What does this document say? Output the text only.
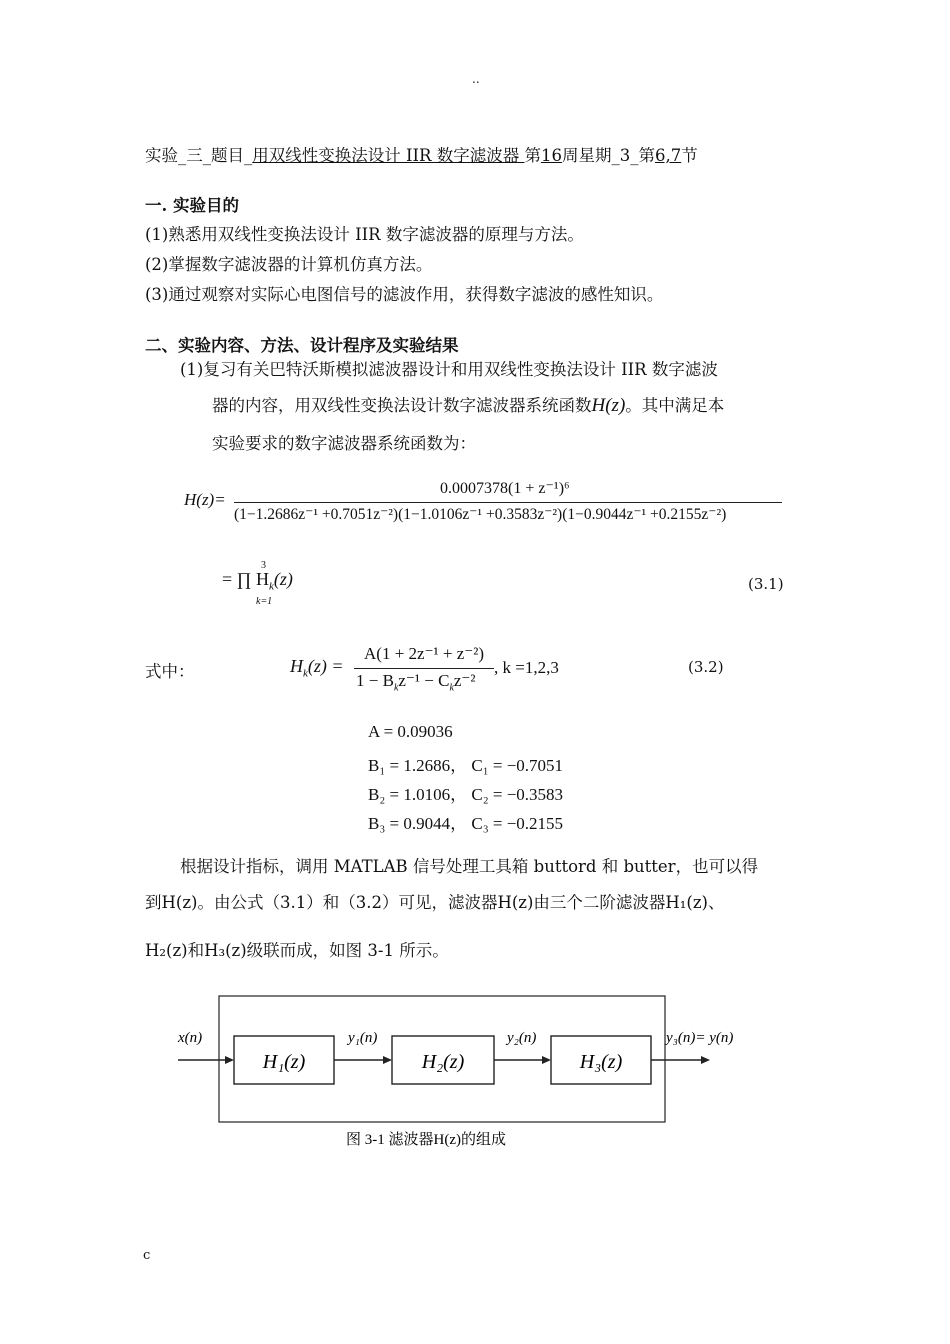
..
实验_三_题目_用双线性变换法设计 IIR 数字滤波器 第16周星期_3_第6,7节
一. 实验目的
(1)熟悉用双线性变换法设计 IIR 数字滤波器的原理与方法。
(2)掌握数字滤波器的计算机仿真方法。
(3)通过观察对实际心电图信号的滤波作用，获得数字滤波的感性知识。
二、实验内容、方法、设计程序及实验结果
(1)复习有关巴特沃斯模拟滤波器设计和用双线性变换法设计 IIR 数字滤波
器的内容，用双线性变换法设计数字滤波器系统函数H(z)。其中满足本
实验要求的数字滤波器系统函数为：
H(z)=
0.0007378(1 + z⁻¹)⁶
(1−1.2686z⁻¹ +0.7051z⁻²)(1−1.0106z⁻¹ +0.3583z⁻²)(1−0.9044z⁻¹ +0.2155z⁻²)
3
= ∏ $H_k(z)$
k=1
(3.1)
式中：	$H_k(z)$ =
A(1 + 2z⁻¹ + z⁻²)
$1 - B_kz^{-1} - C_kz^{-2}$
, k =1,2,3	(3.2)
A = 0.09036
B₁ = 1.2686， C₁ = −0.7051
B₂ = 1.0106， C₂ = −0.3583
B₃ = 0.9044， C₃ = −0.2155
根据设计指标，调用 MATLAB 信号处理工具箱 buttord 和 butter，也可以得
到H(z)。由公式（3.1）和（3.2）可见，滤波器H(z)由三个二阶滤波器H₁(z)、
H₂(z)和H₃(z)级联而成，如图 3-1 所示。
x(n)
H₁(z)
y₁(n)
H₂(z)
y₂(n)
H₃(z)
y₃(n)= y(n)
图 3-1 滤波器H(z)的组成
c
